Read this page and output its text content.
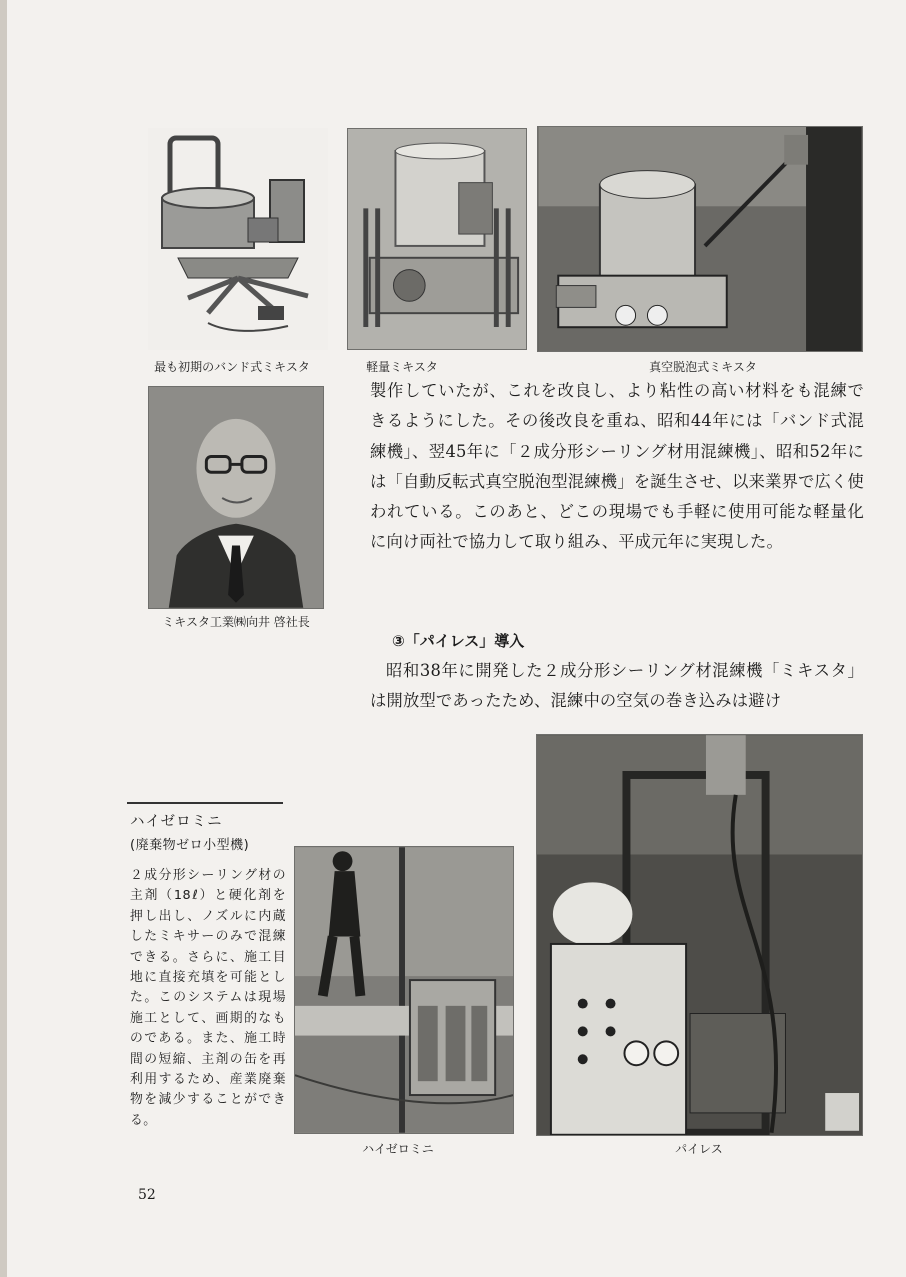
最も初期のバンド式ミキスタ	軽量ミキスタ	真空脱泡式ミキスタ
ミキスタ工業㈱向井 啓社長
製作していたが、これを改良し、より粘性の高い材料をも混練できるようにした。その後改良を重ね、昭和44年には「バンド式混練機」、翌45年に「２成分形シーリング材用混練機」、昭和52年には「自動反転式真空脱泡型混練機」を誕生させ、以来業界で広く使われている。このあと、どこの現場でも手軽に使用可能な軽量化に向け両社で協力して取り組み、平成元年に実現した。
③「パイレス」導入
昭和38年に開発した２成分形シーリング材混練機「ミキスタ」は開放型であったため、混練中の空気の巻き込みは避け
ハイゼロミニ
(廃棄物ゼロ小型機)
２成分形シーリング材の主剤（18ℓ）と硬化剤を押し出し、ノズルに内蔵したミキサーのみで混練できる。さらに、施工目地に直接充填を可能とした。このシステムは現場施工として、画期的なものである。また、施工時間の短縮、主剤の缶を再利用するため、産業廃棄物を減少することができる。
ハイゼロミニ	パイレス
52
